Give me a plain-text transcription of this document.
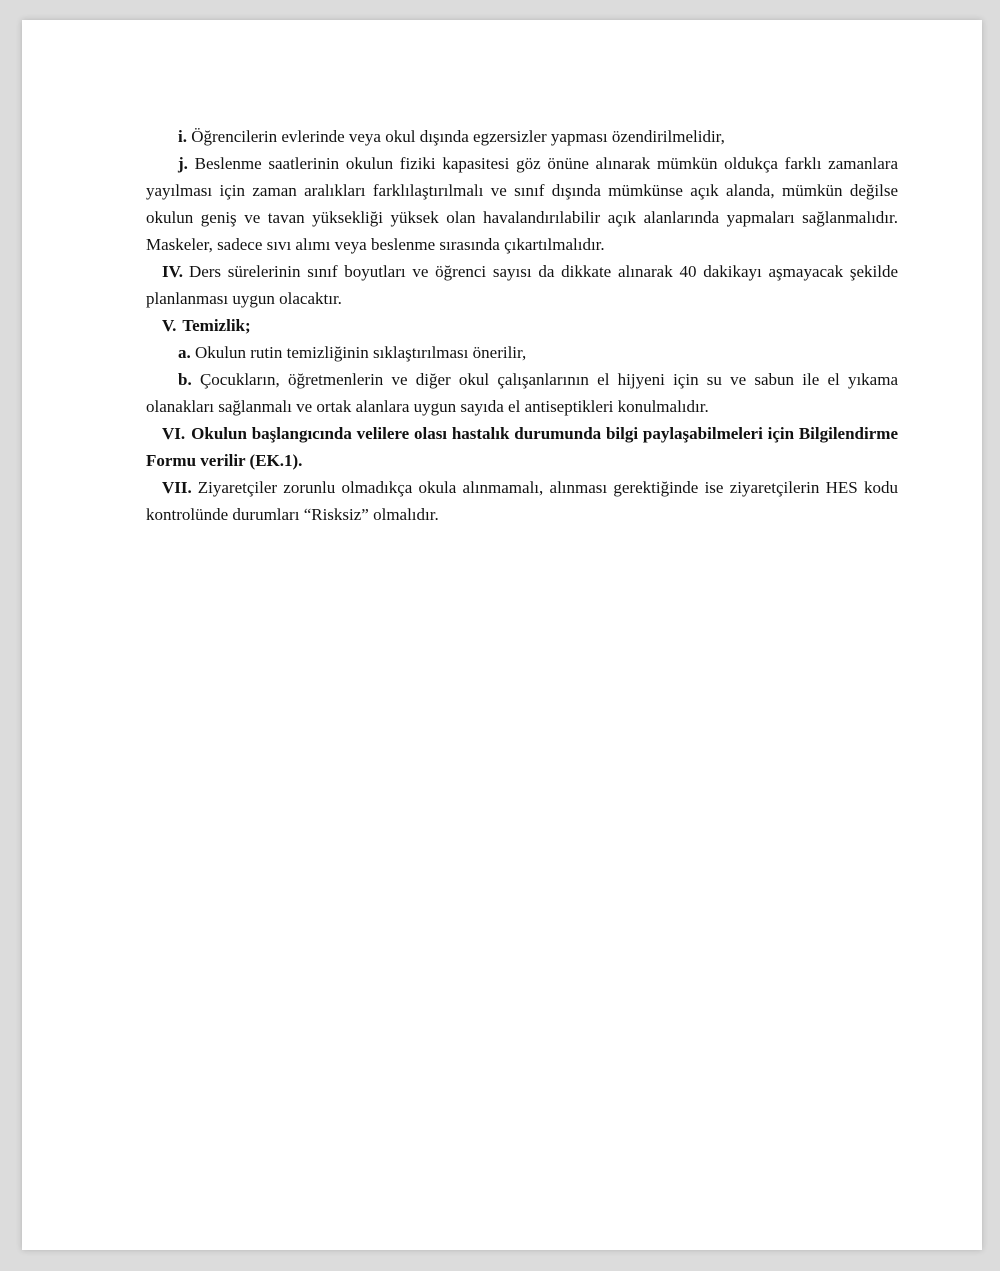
i. Öğrencilerin evlerinde veya okul dışında egzersizler yapması özendirilmelidir,

j. Beslenme saatlerinin okulun fiziki kapasitesi göz önüne alınarak mümkün oldukça farklı zamanlara yayılması için zaman aralıkları farklılaştırılmalı ve sınıf dışında mümkünse açık alanda, mümkün değilse okulun geniş ve tavan yüksekliği yüksek olan havalandırılabilir açık alanlarında yapmaları sağlanmalıdır. Maskeler, sadece sıvı alımı veya beslenme sırasında çıkartılmalıdır.

IV. Ders sürelerinin sınıf boyutları ve öğrenci sayısı da dikkate alınarak 40 dakikayı aşmayacak şekilde planlanması uygun olacaktır.

V. Temizlik;

a. Okulun rutin temizliğinin sıklaştırılması önerilir,

b. Çocukların, öğretmenlerin ve diğer okul çalışanlarının el hijyeni için su ve sabun ile el yıkama olanakları sağlanmalı ve ortak alanlara uygun sayıda el antiseptikleri konulmalıdır.

VI. Okulun başlangıcında velilere olası hastalık durumunda bilgi paylaşabilmeleri için Bilgilendirme Formu verilir (EK.1).

VII. Ziyaretçiler zorunlu olmadıkça okula alınmamalı, alınması gerektiğinde ise ziyaretçilerin HES kodu kontrolünde durumları “Risksiz” olmalıdır.
